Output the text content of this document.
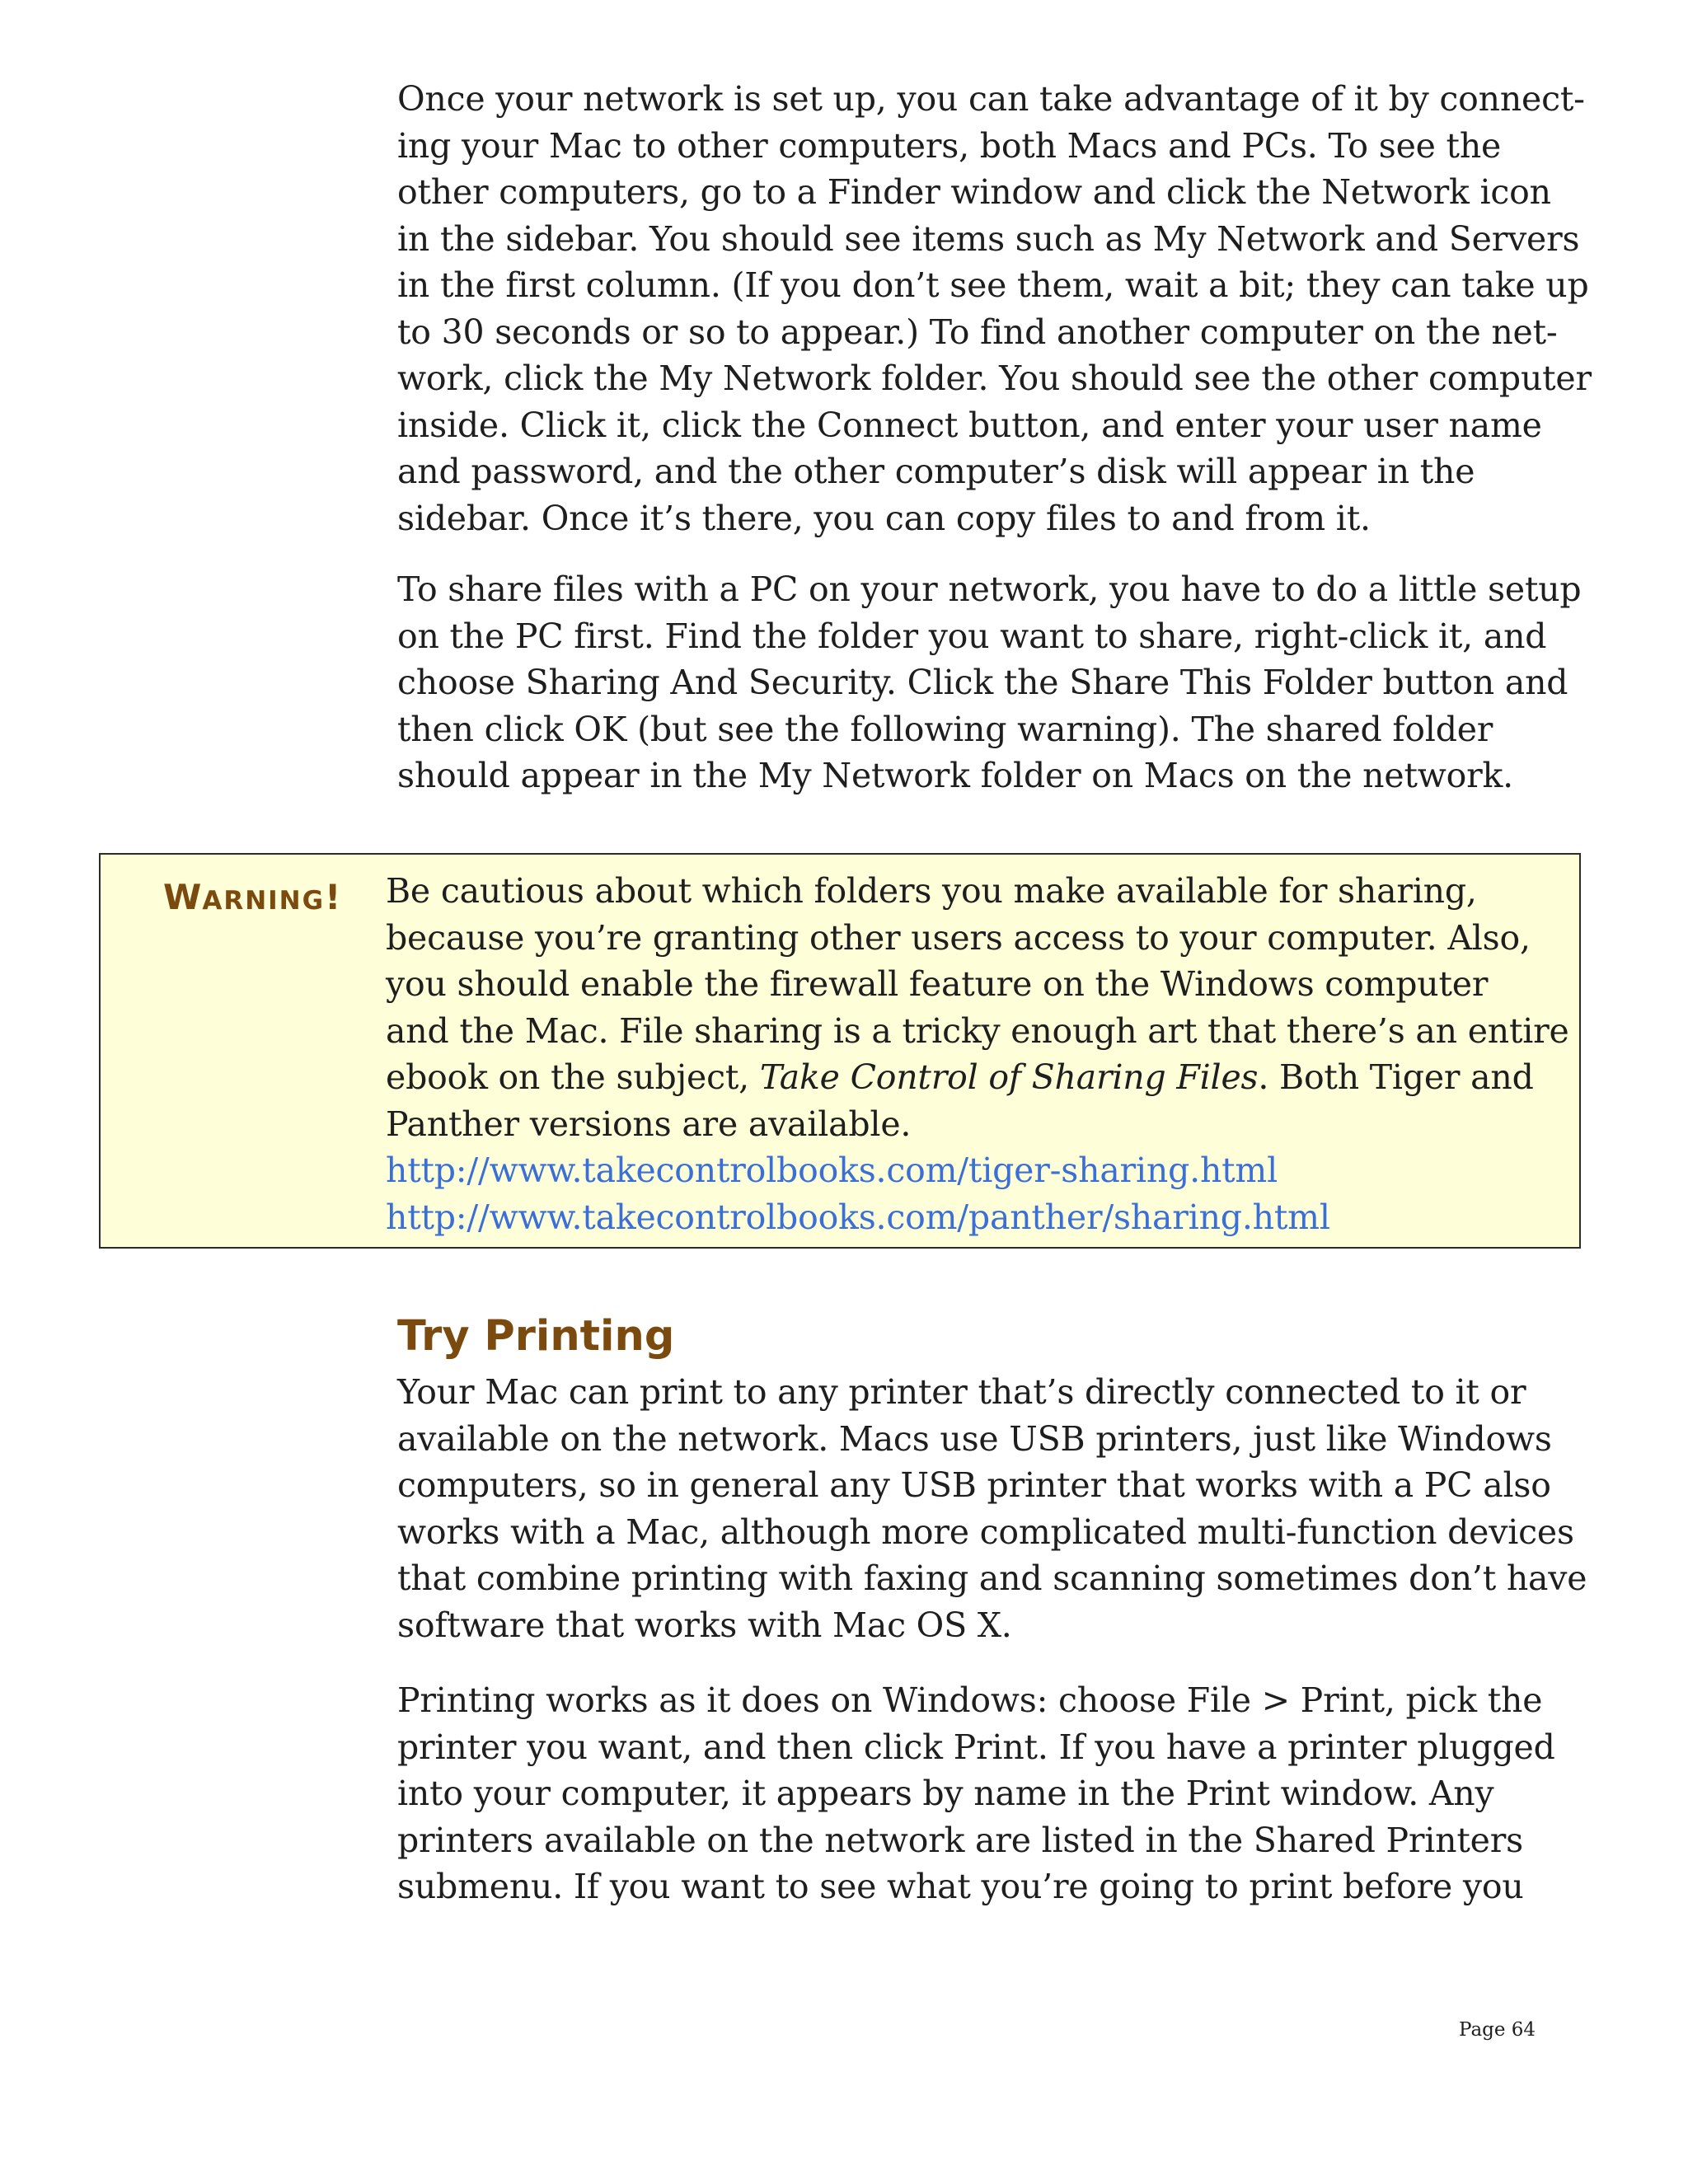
Once your network is set up, you can take advantage of it by connect-
ing your Mac to other computers, both Macs and PCs. To see the
other computers, go to a Finder window and click the Network icon
in the sidebar. You should see items such as My Network and Servers
in the first column. (If you don’t see them, wait a bit; they can take up
to 30 seconds or so to appear.) To find another computer on the net-
work, click the My Network folder. You should see the other computer
inside. Click it, click the Connect button, and enter your user name
and password, and the other computer’s disk will appear in the
sidebar. Once it’s there, you can copy files to and from it.

To share files with a PC on your network, you have to do a little setup
on the PC first. Find the folder you want to share, right-click it, and
choose Sharing And Security. Click the Share This Folder button and
then click OK (but see the following warning). The shared folder
should appear in the My Network folder on Macs on the network.

WARNING! Be cautious about which folders you make available for sharing,
because you’re granting other users access to your computer. Also,
you should enable the firewall feature on the Windows computer
and the Mac. File sharing is a tricky enough art that there’s an entire
ebook on the subject, Take Control of Sharing Files. Both Tiger and
Panther versions are available.
http://www.takecontrolbooks.com/tiger-sharing.html
http://www.takecontrolbooks.com/panther/sharing.html
Try Printing

Your Mac can print to any printer that’s directly connected to it or
available on the network. Macs use USB printers, just like Windows
computers, so in general any USB printer that works with a PC also
works with a Mac, although more complicated multi-function devices
that combine printing with faxing and scanning sometimes don’t have
software that works with Mac OS X.

Printing works as it does on Windows: choose File > Print, pick the
printer you want, and then click Print. If you have a printer plugged
into your computer, it appears by name in the Print window. Any
printers available on the network are listed in the Shared Printers
submenu. If you want to see what you’re going to print before you

Page 64
